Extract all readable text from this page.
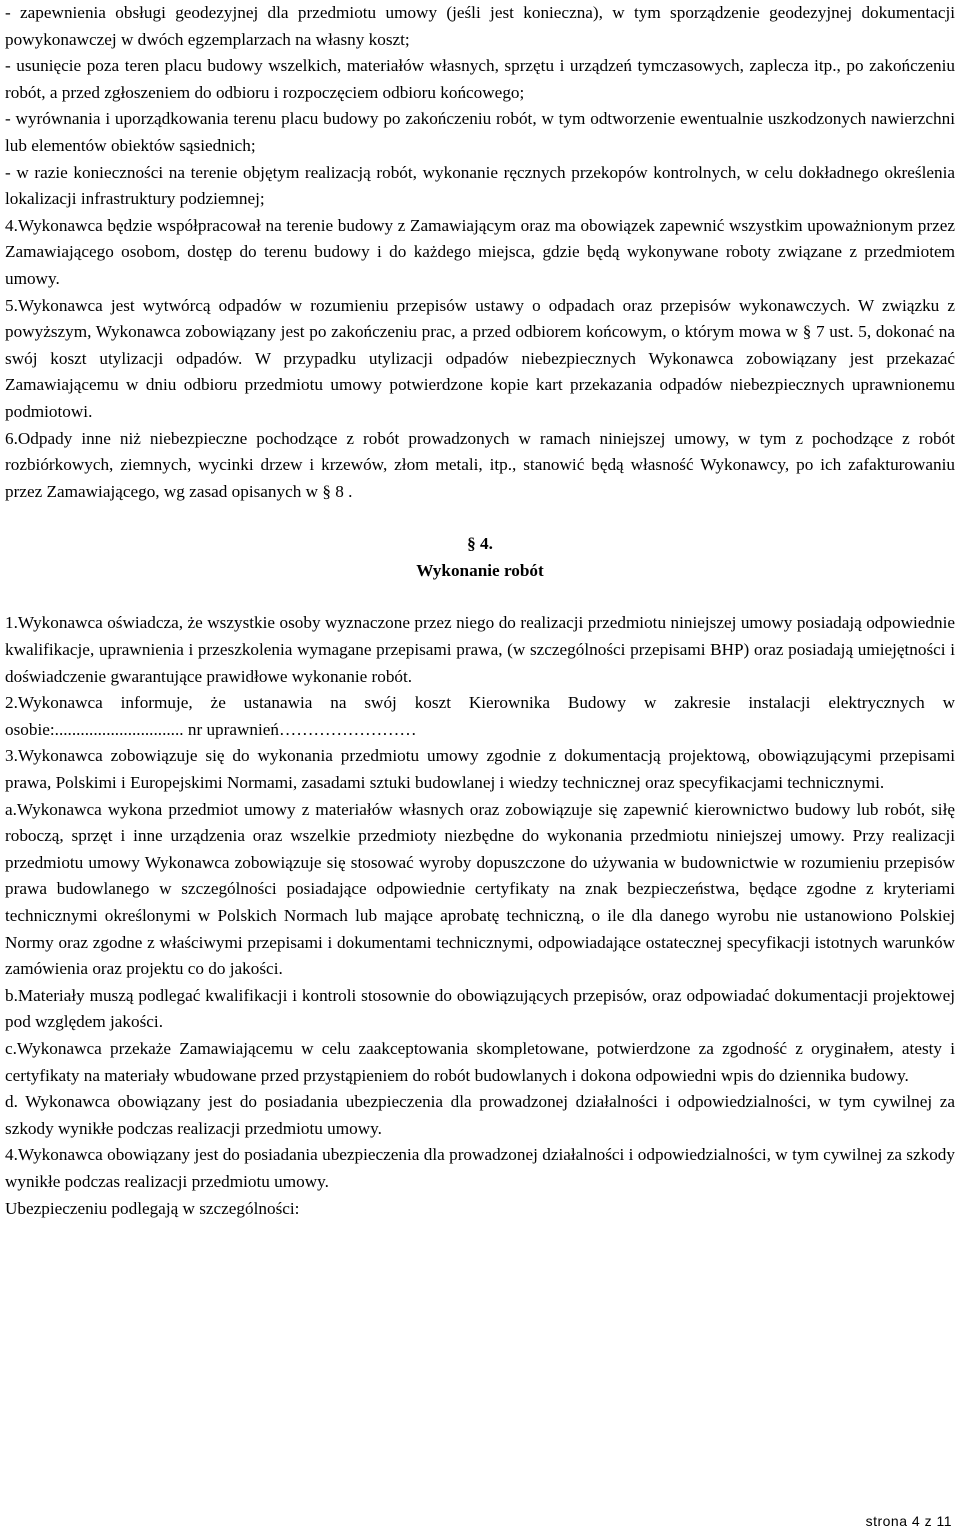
- zapewnienia obsługi geodezyjnej dla przedmiotu umowy (jeśli jest konieczna), w tym sporządzenie geodezyjnej dokumentacji powykonawczej w dwóch egzemplarzach na własny koszt;
- usunięcie poza teren placu budowy wszelkich, materiałów własnych, sprzętu i urządzeń tymczasowych, zaplecza itp., po zakończeniu robót, a przed zgłoszeniem do odbioru i rozpoczęciem odbioru końcowego;
- wyrównania i uporządkowania terenu placu budowy po zakończeniu robót, w tym odtworzenie ewentualnie uszkodzonych nawierzchni lub elementów obiektów sąsiednich;
- w razie konieczności na terenie objętym realizacją robót, wykonanie ręcznych przekopów kontrolnych, w celu dokładnego określenia lokalizacji infrastruktury podziemnej;
4.Wykonawca będzie współpracował na terenie budowy z Zamawiającym oraz ma obowiązek zapewnić wszystkim upoważnionym przez Zamawiającego osobom, dostęp do terenu budowy i do każdego miejsca, gdzie będą wykonywane roboty związane z przedmiotem umowy.
5.Wykonawca jest wytwórcą odpadów w rozumieniu przepisów ustawy o odpadach oraz przepisów wykonawczych. W związku z powyższym, Wykonawca zobowiązany jest po zakończeniu prac, a przed odbiorem końcowym, o którym mowa w § 7 ust. 5, dokonać na swój koszt utylizacji odpadów. W przypadku utylizacji odpadów niebezpiecznych Wykonawca zobowiązany jest przekazać Zamawiającemu w dniu odbioru przedmiotu umowy potwierdzone kopie kart przekazania odpadów niebezpiecznych uprawnionemu podmiotowi.
6.Odpady inne niż niebezpieczne pochodzące z robót prowadzonych w ramach niniejszej umowy, w tym z pochodzące z robót rozbiórkowych, ziemnych, wycinki drzew i krzewów, złom metali, itp., stanowić będą własność Wykonawcy, po ich zafakturowaniu przez Zamawiającego, wg zasad opisanych w § 8 .
§ 4.
Wykonanie robót
1.Wykonawca oświadcza, że wszystkie osoby wyznaczone przez niego do realizacji przedmiotu niniejszej umowy posiadają odpowiednie kwalifikacje, uprawnienia i przeszkolenia wymagane przepisami prawa, (w szczególności przepisami BHP) oraz posiadają umiejętności i doświadczenie gwarantujące prawidłowe wykonanie robót.
2.Wykonawca informuje, że ustanawia na swój koszt Kierownika Budowy w zakresie instalacji elektrycznych w osobie:.............................. nr uprawnień……………………
3.Wykonawca zobowiązuje się do wykonania przedmiotu umowy zgodnie z dokumentacją projektową, obowiązującymi przepisami prawa, Polskimi i Europejskimi Normami, zasadami sztuki budowlanej i wiedzy technicznej oraz specyfikacjami technicznymi.
a.Wykonawca wykona przedmiot umowy z materiałów własnych oraz zobowiązuje się zapewnić kierownictwo budowy lub robót, siłę roboczą, sprzęt i inne urządzenia oraz wszelkie przedmioty niezbędne do wykonania przedmiotu niniejszej umowy. Przy realizacji przedmiotu umowy Wykonawca zobowiązuje się stosować wyroby dopuszczone do używania w budownictwie w rozumieniu przepisów prawa budowlanego w szczególności posiadające odpowiednie certyfikaty na znak bezpieczeństwa, będące zgodne z kryteriami technicznymi określonymi w Polskich Normach lub mające aprobatę techniczną, o ile dla danego wyrobu nie ustanowiono Polskiej Normy oraz zgodne z właściwymi przepisami i dokumentami technicznymi, odpowiadające ostatecznej specyfikacji istotnych warunków zamówienia oraz projektu co do jakości.
b.Materiały muszą podlegać kwalifikacji i kontroli stosownie do obowiązujących przepisów, oraz odpowiadać dokumentacji projektowej pod względem jakości.
c.Wykonawca przekaże Zamawiającemu w celu zaakceptowania skompletowane, potwierdzone za zgodność z oryginałem, atesty i certyfikaty na materiały wbudowane przed przystąpieniem do robót budowlanych i dokona odpowiedni wpis do dziennika budowy.
d. Wykonawca obowiązany jest do posiadania ubezpieczenia dla prowadzonej działalności i odpowiedzialności, w tym cywilnej za szkody wynikłe podczas realizacji przedmiotu umowy.
4.Wykonawca obowiązany jest do posiadania ubezpieczenia dla prowadzonej działalności i odpowiedzialności, w tym cywilnej za szkody wynikłe podczas realizacji przedmiotu umowy.
Ubezpieczeniu podlegają w szczególności:
strona 4 z 11
